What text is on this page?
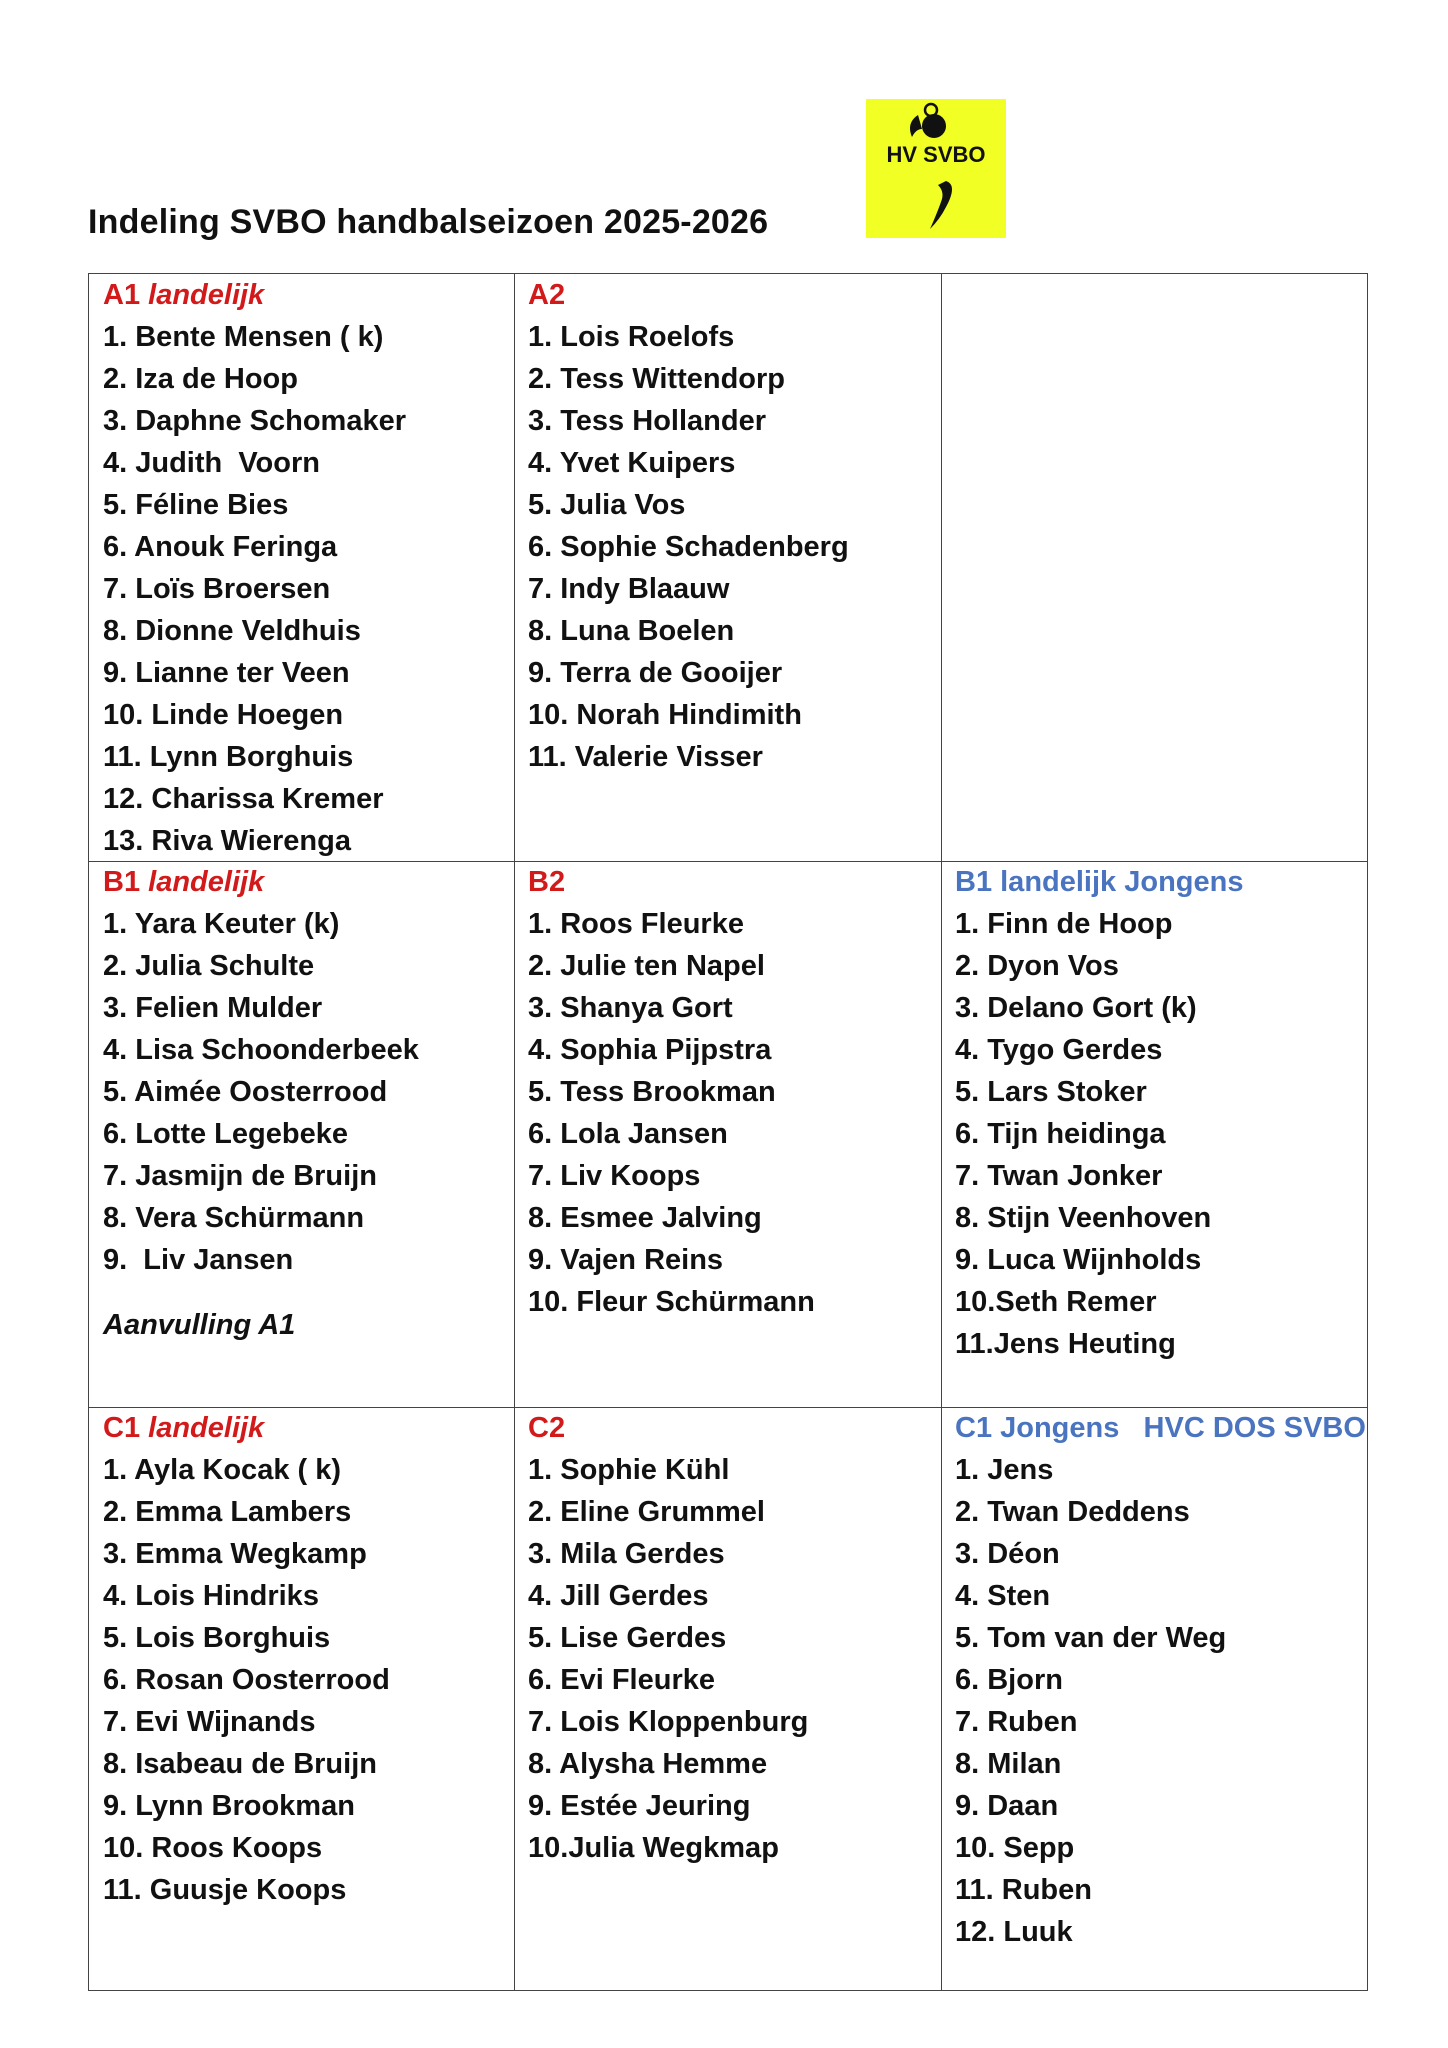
HV SVBO
Indeling SVBO handbalseizoen 2025-2026
A1 landelijk
1. Bente Mensen ( k)
2. Iza de Hoop
3. Daphne Schomaker
4. Judith  Voorn
5. Féline Bies
6. Anouk Feringa
7. Loïs Broersen
8. Dionne Veldhuis
9. Lianne ter Veen
10. Linde Hoegen
11. Lynn Borghuis
12. Charissa Kremer
13. Riva Wierenga
A2
1. Lois Roelofs
2. Tess Wittendorp
3. Tess Hollander
4. Yvet Kuipers
5. Julia Vos
6. Sophie Schadenberg
7. Indy Blaauw
8. Luna Boelen
9. Terra de Gooijer
10. Norah Hindimith
11. Valerie Visser
B1 landelijk
1. Yara Keuter (k)
2. Julia Schulte
3. Felien Mulder
4. Lisa Schoonderbeek
5. Aimée Oosterrood
6. Lotte Legebeke
7. Jasmijn de Bruijn
8. Vera Schürmann
9.  Liv Jansen
Aanvulling A1
B2
1. Roos Fleurke
2. Julie ten Napel
3. Shanya Gort
4. Sophia Pijpstra
5. Tess Brookman
6. Lola Jansen
7. Liv Koops
8. Esmee Jalving
9. Vajen Reins
10. Fleur Schürmann
B1 landelijk Jongens
1. Finn de Hoop
2. Dyon Vos
3. Delano Gort (k)
4. Tygo Gerdes
5. Lars Stoker
6. Tijn heidinga
7. Twan Jonker
8. Stijn Veenhoven
9. Luca Wijnholds
10.Seth Remer
11.Jens Heuting
C1 landelijk
1. Ayla Kocak ( k)
2. Emma Lambers
3. Emma Wegkamp
4. Lois Hindriks
5. Lois Borghuis
6. Rosan Oosterrood
7. Evi Wijnands
8. Isabeau de Bruijn
9. Lynn Brookman
10. Roos Koops
11. Guusje Koops
C2
1. Sophie Kühl
2. Eline Grummel
3. Mila Gerdes
4. Jill Gerdes
5. Lise Gerdes
6. Evi Fleurke
7. Lois Kloppenburg
8. Alysha Hemme
9. Estée Jeuring
10.Julia Wegkmap
C1 Jongens   HVC DOS SVBO
1. Jens
2. Twan Deddens
3. Déon
4. Sten
5. Tom van der Weg
6. Bjorn
7. Ruben
8. Milan
9. Daan
10. Sepp
11. Ruben
12. Luuk
